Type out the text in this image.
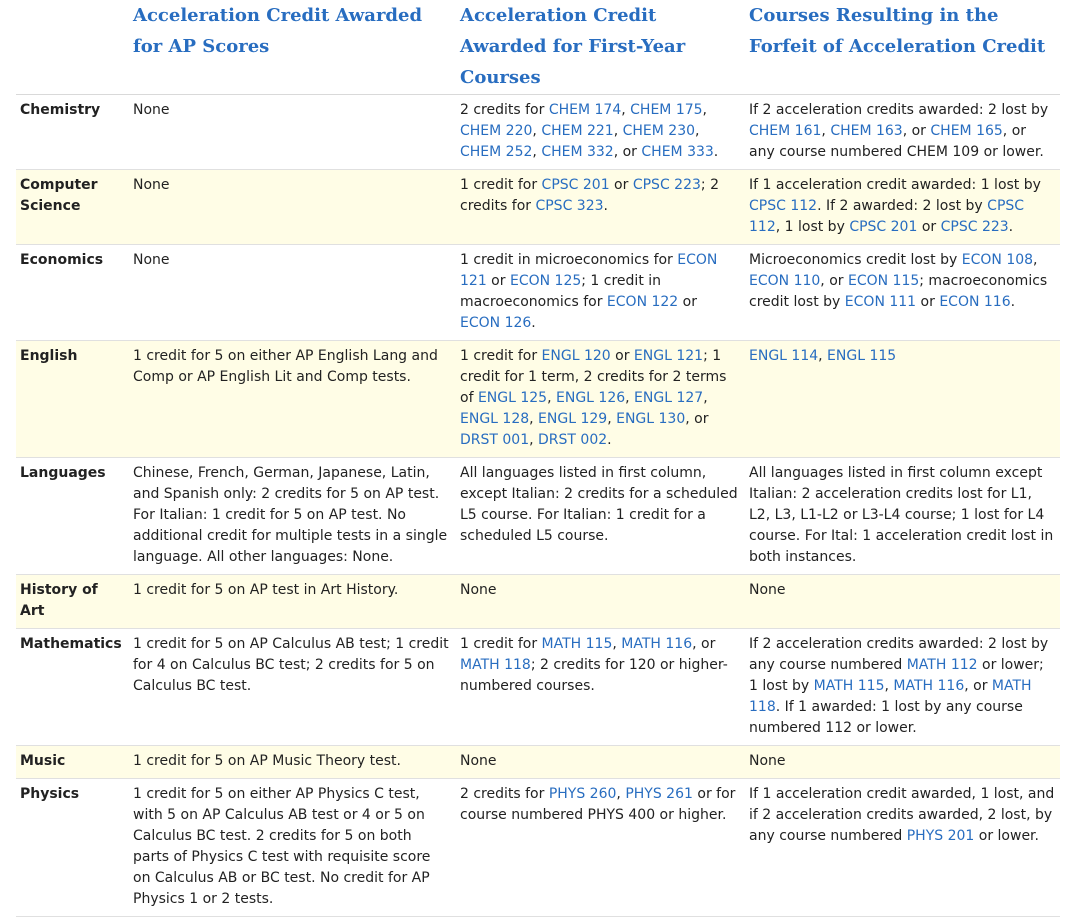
	Acceleration Credit Awarded for AP Scores	Acceleration Credit Awarded for First-Year Courses	Courses Resulting in the Forfeit of Acceleration Credit
Chemistry	None	2 credits for CHEM 174, CHEM 175, CHEM 220, CHEM 221, CHEM 230, CHEM 252, CHEM 332, or CHEM 333.	If 2 acceleration credits awarded: 2 lost by CHEM 161, CHEM 163, or CHEM 165, or any course numbered CHEM 109 or lower.
Computer Science	None	1 credit for CPSC 201 or CPSC 223; 2 credits for CPSC 323.	If 1 acceleration credit awarded: 1 lost by CPSC 112. If 2 awarded: 2 lost by CPSC 112, 1 lost by CPSC 201 or CPSC 223.
Economics	None	1 credit in microeconomics for ECON 121 or ECON 125; 1 credit in macroeconomics for ECON 122 or ECON 126.	Microeconomics credit lost by ECON 108, ECON 110, or ECON 115; macroeconomics credit lost by ECON 111 or ECON 116.
English	1 credit for 5 on either AP English Lang and Comp or AP English Lit and Comp tests.	1 credit for ENGL 120 or ENGL 121; 1 credit for 1 term, 2 credits for 2 terms of ENGL 125, ENGL 126, ENGL 127, ENGL 128, ENGL 129, ENGL 130, or DRST 001, DRST 002.	ENGL 114, ENGL 115
Languages	Chinese, French, German, Japanese, Latin, and Spanish only: 2 credits for 5 on AP test. For Italian: 1 credit for 5 on AP test. No additional credit for multiple tests in a single language. All other languages: None.	All languages listed in first column, except Italian: 2 credits for a scheduled L5 course. For Italian: 1 credit for a scheduled L5 course.	All languages listed in first column except Italian: 2 acceleration credits lost for L1, L2, L3, L1-L2 or L3-L4 course; 1 lost for L4 course. For Ital: 1 acceleration credit lost in both instances.
History of Art	1 credit for 5 on AP test in Art History.	None	None
Mathematics	1 credit for 5 on AP Calculus AB test; 1 credit for 4 on Calculus BC test; 2 credits for 5 on Calculus BC test.	1 credit for MATH 115, MATH 116, or MATH 118; 2 credits for 120 or higher-numbered courses.	If 2 acceleration credits awarded: 2 lost by any course numbered MATH 112 or lower; 1 lost by MATH 115, MATH 116, or MATH 118. If 1 awarded: 1 lost by any course numbered 112 or lower.
Music	1 credit for 5 on AP Music Theory test.	None	None
Physics	1 credit for 5 on either AP Physics C test, with 5 on AP Calculus AB test or 4 or 5 on Calculus BC test. 2 credits for 5 on both parts of Physics C test with requisite score on Calculus AB or BC test. No credit for AP Physics 1 or 2 tests.	2 credits for PHYS 260, PHYS 261 or for course numbered PHYS 400 or higher.	If 1 acceleration credit awarded, 1 lost, and if 2 acceleration credits awarded, 2 lost, by any course numbered PHYS 201 or lower.
